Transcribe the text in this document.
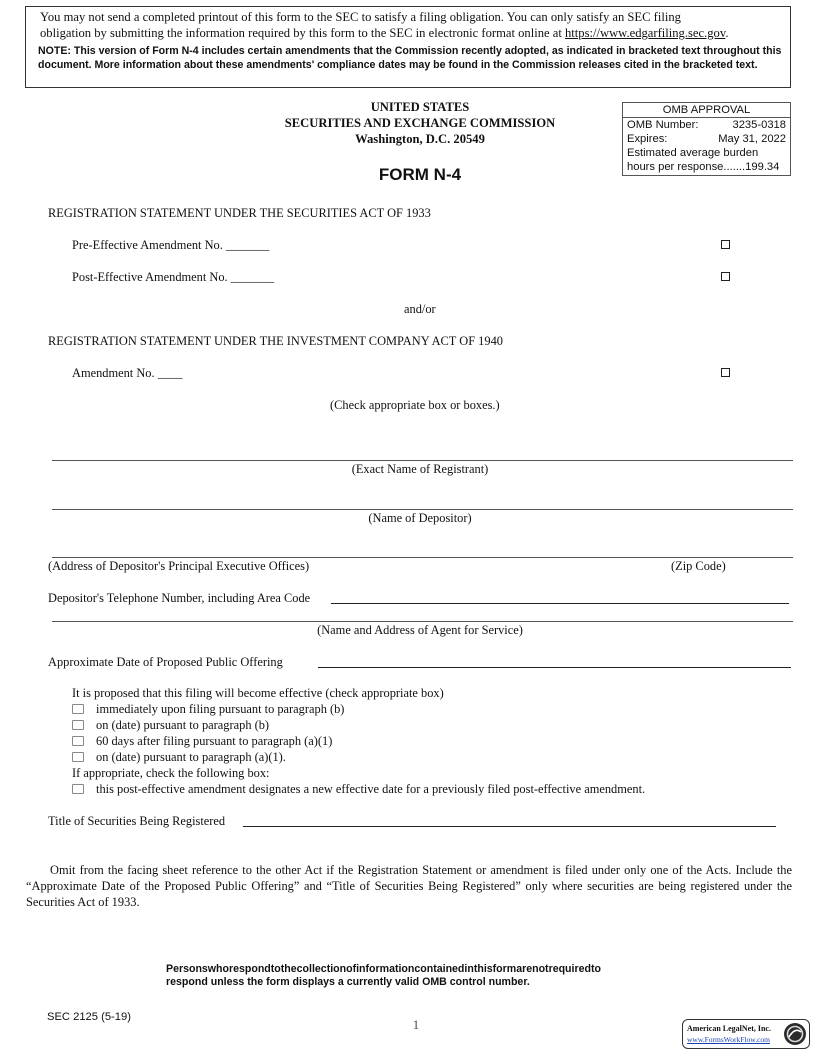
You may not send a completed printout of this form to the SEC to satisfy a filing obligation. You can only satisfy an SEC filing
obligation by submitting the information required by this form to the SEC in electronic format online at https://www.edgarfiling.sec.gov.
NOTE: This version of Form N-4 includes certain amendments that the Commission recently adopted, as indicated in bracketed text throughout this document. More information about these amendments' compliance dates may be found in the Commission releases cited in the bracketed text.
UNITED STATES
SECURITIES AND EXCHANGE COMMISSION
Washington, D.C. 20549
OMB APPROVAL
OMB Number:	3235-0318
Expires:	May 31, 2022
Estimated average burden
hours per response.......199.34
FORM N-4
REGISTRATION STATEMENT UNDER THE SECURITIES ACT OF 1933
Pre-Effective Amendment No. _______
Post-Effective Amendment No. _______
and/or
REGISTRATION STATEMENT UNDER THE INVESTMENT COMPANY ACT OF 1940
Amendment No. ____
(Check appropriate box or boxes.)
(Exact Name of Registrant)
(Name of Depositor)
(Address of Depositor's Principal Executive Offices)	(Zip Code)
Depositor's Telephone Number, including Area Code
(Name and Address of Agent for Service)
Approximate Date of Proposed Public Offering
It is proposed that this filing will become effective (check appropriate box)
immediately upon filing pursuant to paragraph (b)
on (date) pursuant to paragraph (b)
60 days after filing pursuant to paragraph (a)(1)
on (date) pursuant to paragraph (a)(1).
If appropriate, check the following box:
this post-effective amendment designates a new effective date for a previously filed post-effective amendment.
Title of Securities Being Registered
Omit from the facing sheet reference to the other Act if the Registration Statement or amendment is filed under only one of the Acts. Include the “Approximate Date of the Proposed Public Offering” and “Title of Securities Being Registered” only where securities are being registered under the Securities Act of 1933.
Personswhorespondtothecollectionofinformationcontainedinthisformarenotrequiredto
respond unless the form displays a currently valid OMB control number.
SEC 2125 (5-19)
1	American LegalNet, Inc.
www.FormsWorkFlow.com
